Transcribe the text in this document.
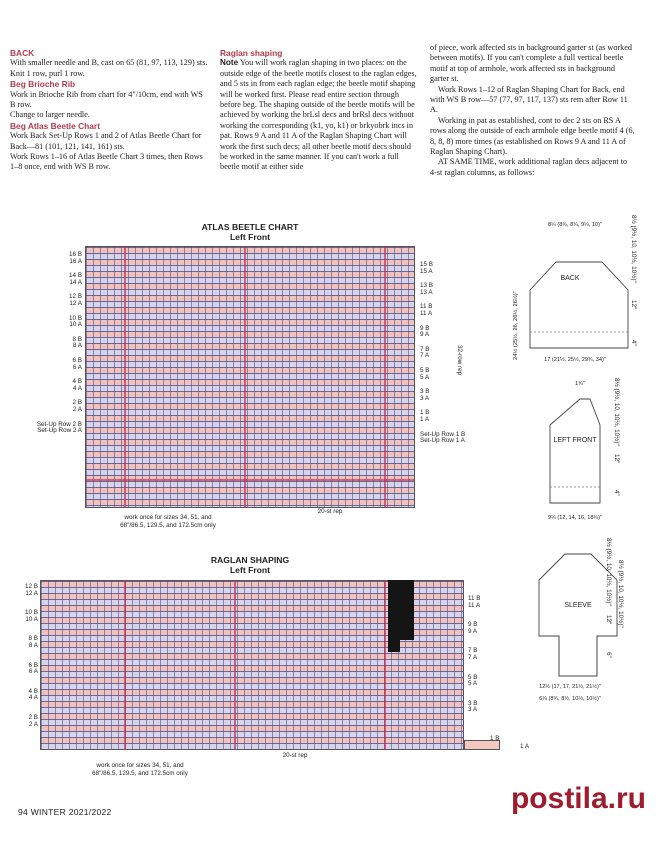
BACK

With smaller needle and B, cast on 65 (81, 97, 113, 129) sts.

Knit 1 row, purl 1 row.

Beg Brioche Rib

Work in Brioche Rib from chart for 4"/10cm, end with WS B row.

Change to larger needle.

Beg Atlas Beetle Chart

Work Back Set-Up Rows 1 and 2 of Atlas Beetle Chart for Back—81 (101, 121, 141, 161) sts.

Work Rows 1–16 of Atlas Beetle Chart 3 times, then Rows 1–8 once, end with WS B row.

Raglan shaping

Note You will work raglan shaping in two places: on the outside edge of the beetle motifs closest to the raglan edges, and 5 sts in from each raglan edge; the beetle motif shaping will be worked first. Please read entire section through before beg. The shaping outside of the beetle motifs will be achieved by working the brLsl decs and brRsl decs without working the corresponding (k1, yo, k1) or brkyobrk incs in pat. Rows 9 A and 11 A of the Raglan Shaping Chart will work the first such decs; all other beetle motif decs should be worked in the same manner. If you can't work a full beetle motif at either side

of piece, work affected sts in background garter st (as worked between motifs). If you can't complete a full vertical beetle motif at top of armhole, work affected sts in background garter st.

Work Rows 1–12 of Raglan Shaping Chart for Back, end with WS B row—57 (77, 97, 117, 137) sts rem after Row 11 A.

Working in pat as established, cont to dec 2 sts on RS A rows along the outside of each armhole edge beetle motif 4 (6, 8, 8, 8) more times (as established on Rows 9 A and 11 A of Raglan Shaping Chart).

AT SAME TIME, work additional raglan decs adjacent to 4-st raglan columns, as follows:

ATLAS BEETLE CHART
Left Front
16 B
16 A
14 B
14 A
12 B
12 A
10 B
10 A
8 B
8 A
6 B
6 A
4 B
4 A
2 B
2 A
Set-Up Row 2 B
Set-Up Row 2 A
15 B
15 A
13 B
13 A
11 B
11 A
9 B
9 A
7 B
7 A
5 B
5 A
3 B
3 A
1 B
1 A
Set-Up Row 1 B
Set-Up Row 1 A
32-row rep
20-st rep
work once for sizes 34, 51, and 68"/86.5, 129.5, and 172.5cm only
RAGLAN SHAPING
Left Front
12 B
12 A
10 B
10 A
8 B
8 A
6 B
6 A
4 B
4 A
2 B
2 A
11 B
11 A
9 B
9 A
7 B
7 A
5 B
5 A
3 B
3 A
1 B
1 A
20-st rep
work once for sizes 34, 51, and 68"/86.5, 129.5, and 172.5cm only
BACK
8¼ (8¾, 8¾, 9¼, 10)"
17 (21½, 25½, 29¾, 34)"
24½ (25½, 26, 26½, 26½)"
8½ (9½, 10, 10½, 10½)"
12"
4"
1¾"
LEFT FRONT
9¼ (12, 14, 16, 18¼)"
8½ (9½, 10, 10½, 10½)"
12"
4"
SLEEVE	8½ (9½, 10, 10½, 10½)" 8½ (9½, 10, 10½, 10½)"
12"
6"
12½ (17, 17, 21½, 21½)"
6¼ (8¾, 8½, 10½, 10½)"
94 WINTER 2021/2022	postila.ru
